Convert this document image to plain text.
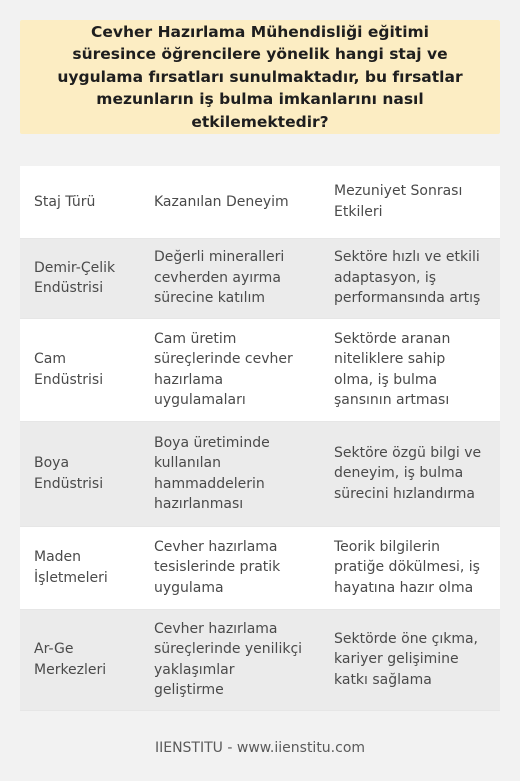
Cevher Hazırlama Mühendisliği eğitimi süresince öğrencilere yönelik hangi staj ve uygulama fırsatları sunulmaktadır, bu fırsatlar mezunların iş bulma imkanlarını nasıl etkilemektedir?
Staj Türü	Kazanılan Deneyim	Mezuniyet Sonrası Etkileri
Demir-Çelik Endüstrisi	Değerli mineralleri cevherden ayırma sürecine katılım	Sektöre hızlı ve etkili adaptasyon, iş performansında artış
Cam Endüstrisi	Cam üretim süreçlerinde cevher hazırlama uygulamaları	Sektörde aranan niteliklere sahip olma, iş bulma şansının artması
Boya Endüstrisi	Boya üretiminde kullanılan hammaddelerin hazırlanması	Sektöre özgü bilgi ve deneyim, iş bulma sürecini hızlandırma
Maden İşletmeleri	Cevher hazırlama tesislerinde pratik uygulama	Teorik bilgilerin pratiğe dökülmesi, iş hayatına hazır olma
Ar-Ge Merkezleri	Cevher hazırlama süreçlerinde yenilikçi yaklaşımlar geliştirme	Sektörde öne çıkma, kariyer gelişimine katkı sağlama
IIENSTITU - www.iienstitu.com
